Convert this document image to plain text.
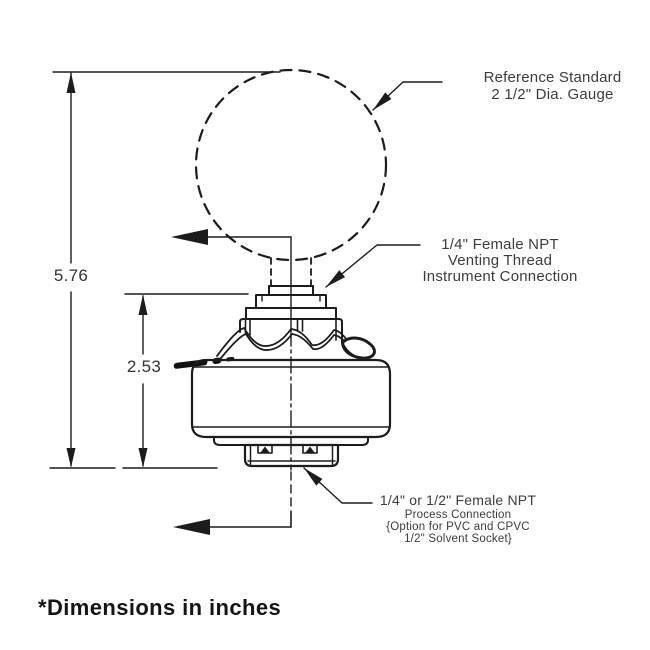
5.76
2.53
Reference Standard
2 1/2" Dia. Gauge
1/4" Female NPT
Venting Thread
Instrument Connection
1/4" or 1/2" Female NPT
Process Connection
{Option for PVC and CPVC
1/2" Solvent Socket}
*Dimensions in inches
